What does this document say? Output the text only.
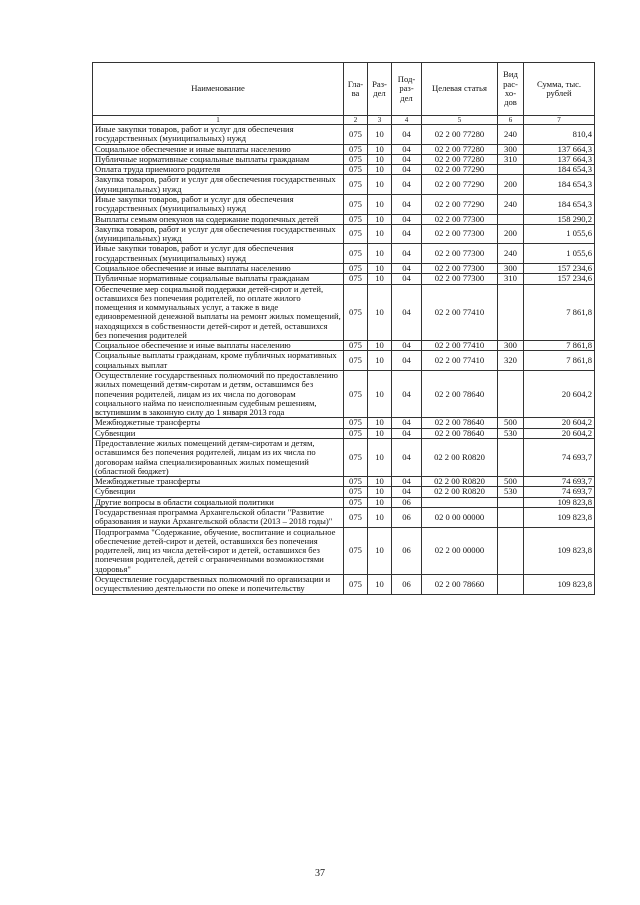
Наименование	Гла-ва	Раз-дел	Под-раз-дел	Целевая статья	Вид рас-хо-дов	Сумма, тыс. рублей
1	2	3	4	5	6	7
Иные закупки товаров, работ и услуг для обеспечения государственных (муниципальных) нужд	075	10	04	02 2 00 77280	240	810,4
Социальное обеспечение и иные выплаты населению	075	10	04	02 2 00 77280	300	137 664,3
Публичные нормативные социальные выплаты гражданам	075	10	04	02 2 00 77280	310	137 664,3
Оплата труда приемного родителя	075	10	04	02 2 00 77290		184 654,3
Закупка товаров, работ и услуг для обеспечения государственных (муниципальных) нужд	075	10	04	02 2 00 77290	200	184 654,3
Иные закупки товаров, работ и услуг для обеспечения государственных (муниципальных) нужд	075	10	04	02 2 00 77290	240	184 654,3
Выплаты семьям опекунов на содержание подопечных детей	075	10	04	02 2 00 77300		158 290,2
Закупка товаров, работ и услуг для обеспечения государственных (муниципальных) нужд	075	10	04	02 2 00 77300	200	1 055,6
Иные закупки товаров, работ и услуг для обеспечения государственных (муниципальных) нужд	075	10	04	02 2 00 77300	240	1 055,6
Социальное обеспечение и иные выплаты населению	075	10	04	02 2 00 77300	300	157 234,6
Публичные нормативные социальные выплаты гражданам	075	10	04	02 2 00 77300	310	157 234,6
Обеспечение мер социальной поддержки детей-сирот и детей, оставшихся без попечения родителей, по оплате жилого помещения и коммунальных услуг, а также в виде единовременной денежной выплаты на ремонт жилых помещений, находящихся в собственности детей-сирот и детей, оставшихся без попечения родителей	075	10	04	02 2 00 77410		7 861,8
Социальное обеспечение и иные выплаты населению	075	10	04	02 2 00 77410	300	7 861,8
Социальные выплаты гражданам, кроме публичных нормативных социальных выплат	075	10	04	02 2 00 77410	320	7 861,8
Осуществление государственных полномочий по предоставлению жилых помещений детям-сиротам и детям, оставшимся без попечения родителей, лицам из их числа по договорам социального найма по неисполненным судебным решениям, вступившим в законную силу до 1 января 2013 года	075	10	04	02 2 00 78640		20 604,2
Межбюджетные трансферты	075	10	04	02 2 00 78640	500	20 604,2
Субвенции	075	10	04	02 2 00 78640	530	20 604,2
Предоставление жилых помещений детям-сиротам и детям, оставшимся без попечения родителей, лицам из их числа по договорам найма специализированных жилых помещений (областной бюджет)	075	10	04	02 2 00 R0820		74 693,7
Межбюджетные трансферты	075	10	04	02 2 00 R0820	500	74 693,7
Субвенции	075	10	04	02 2 00 R0820	530	74 693,7
Другие вопросы в области социальной политики	075	10	06			109 823,8
Государственная программа Архангельской области "Развитие образования и науки Архангельской области (2013 – 2018 годы)"	075	10	06	02 0 00 00000		109 823,8
Подпрограмма "Содержание, обучение, воспитание и социальное обеспечение детей-сирот и детей, оставшихся без попечения родителей, лиц из числа детей-сирот и детей, оставшихся без попечения родителей, детей с ограниченными возможностями здоровья"	075	10	06	02 2 00 00000		109 823,8
Осуществление государственных полномочий по организации и осуществлению деятельности по опеке и попечительству	075	10	06	02 2 00 78660		109 823,8
37
